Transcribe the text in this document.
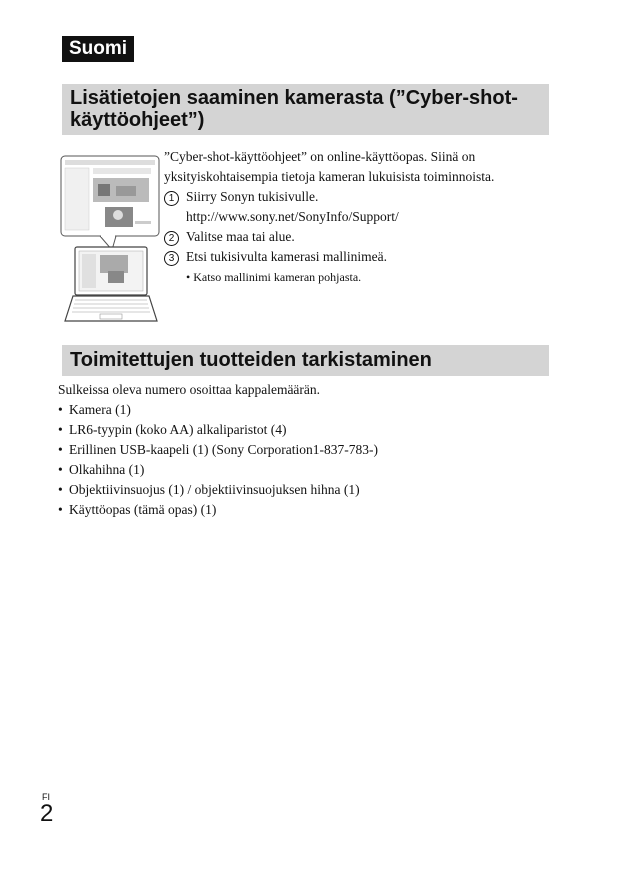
Suomi
Lisätietojen saaminen kamerasta (”Cyber-shot-käyttöohjeet”)

”Cyber-shot-käyttöohjeet” on online-käyttöopas. Siinä on yksityiskohtaisempia tietoja kameran lukuisista toiminnoista.

1 Siirry Sonyn tukisivulle.
http://www.sony.net/SonyInfo/Support/
2 Valitse maa tai alue.
3 Etsi tukisivulta kamerasi mallinimeä.
• Katso mallinimi kameran pohjasta.
Toimitettujen tuotteiden tarkistaminen

Sulkeissa oleva numero osoittaa kappalemäärän.

• Kamera (1)
• LR6-tyypin (koko AA) alkaliparistot (4)
• Erillinen USB-kaapeli (1) (Sony Corporation1-837-783-)
• Olkahihna (1)
• Objektiivinsuojus (1) / objektiivinsuojuksen hihna (1)
• Käyttöopas (tämä opas) (1)
FI
2
